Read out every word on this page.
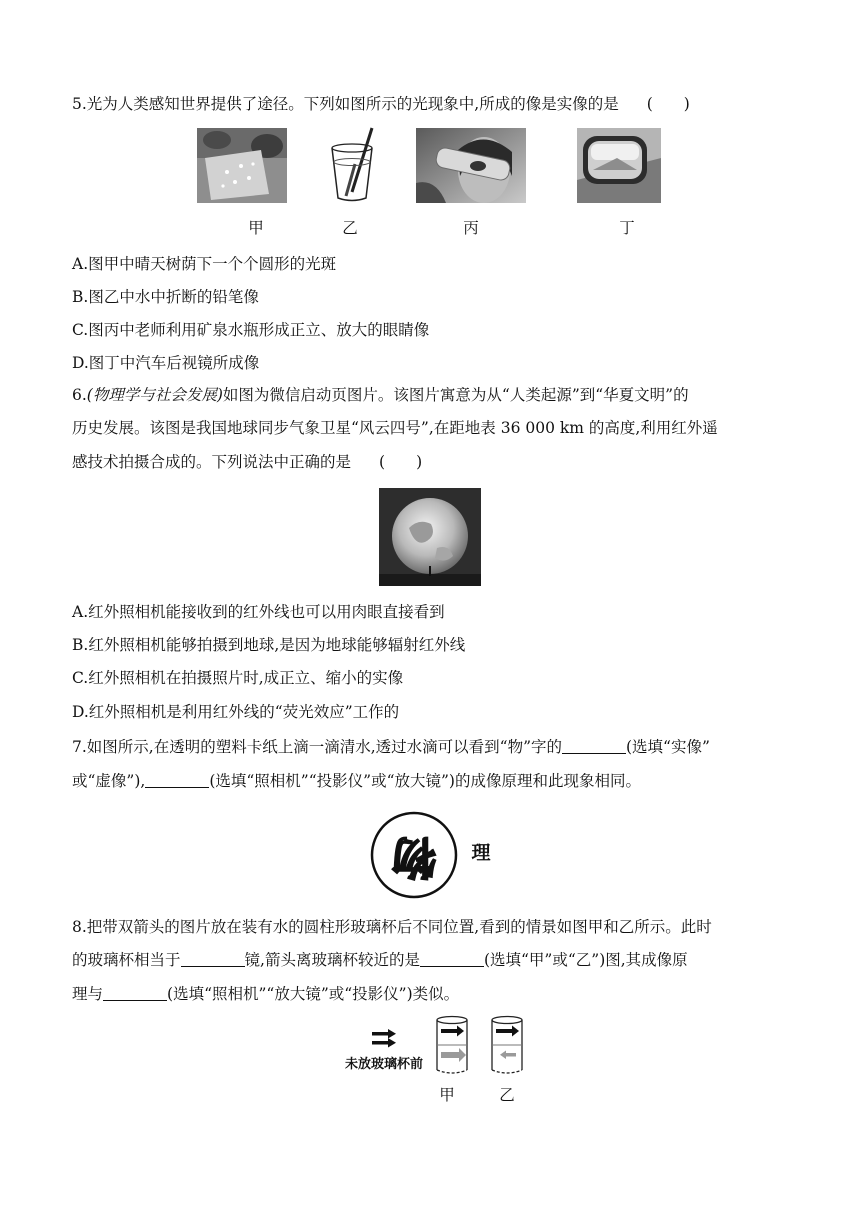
5.光为人类感知世界提供了途径。下列如图所示的光现象中,所成的像是实像的是 (　　)
甲	乙	丙	丁
A.图甲中晴天树荫下一个个圆形的光斑
B.图乙中水中折断的铅笔像
C.图丙中老师利用矿泉水瓶形成正立、放大的眼睛像
D.图丁中汽车后视镜所成像
6.(物理学与社会发展)如图为微信启动页图片。该图片寓意为从“人类起源”到“华夏文明”的
历史发展。该图是我国地球同步气象卫星“风云四号”,在距地表 36 000 km 的高度,利用红外遥
感技术拍摄合成的。下列说法中正确的是 (　　)
A.红外照相机能接收到的红外线也可以用肉眼直接看到
B.红外照相机能够拍摄到地球,是因为地球能够辐射红外线
C.红外照相机在拍摄照片时,成正立、缩小的实像
D.红外照相机是利用红外线的“荧光效应”工作的
7.如图所示,在透明的塑料卡纸上滴一滴清水,透过水滴可以看到“物”字的	(选填“实像”
或“虚像”),	(选填“照相机”“投影仪”或“放大镜”)的成像原理和此现象相同。
物 理
8.把带双箭头的图片放在装有水的圆柱形玻璃杯后不同位置,看到的情景如图甲和乙所示。此时
的玻璃杯相当于	镜,箭头离玻璃杯较近的是	(选填“甲”或“乙”)图,其成像原
理与	(选填“照相机”“放大镜”或“投影仪”)类似。
未放玻璃杯前
甲	乙
